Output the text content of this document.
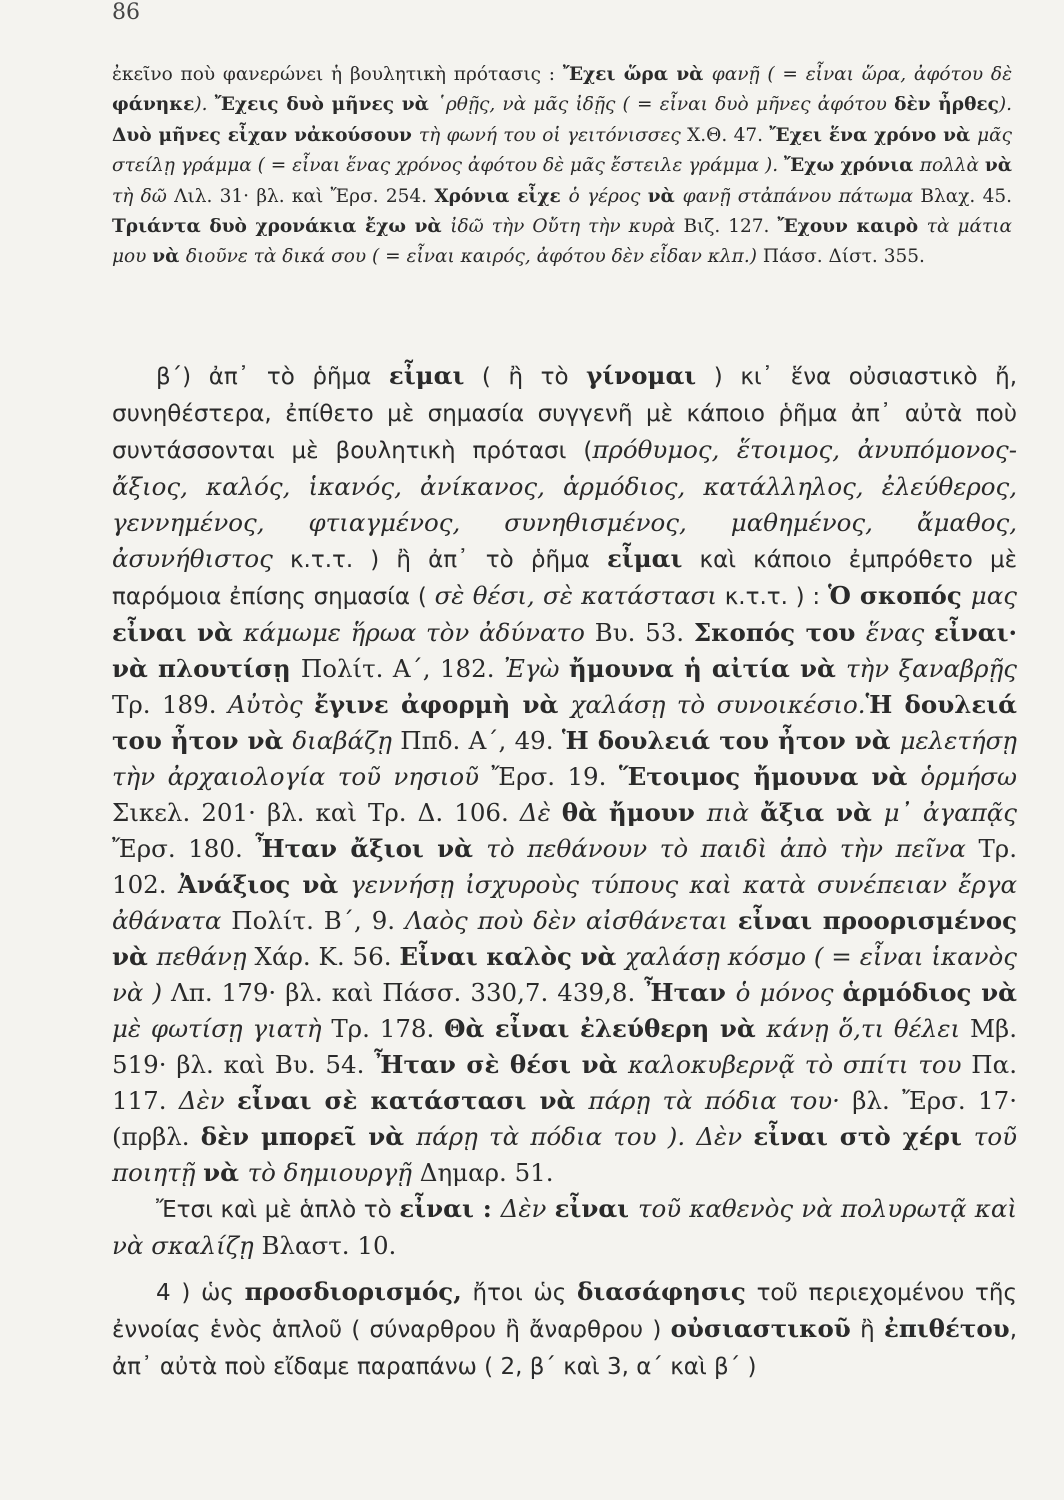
86
ἐκεῖνο ποὺ φανερώνει ἡ βουλητικὴ πρότασις : Ἔχει ὥρα νὰ φανῇ ( = εἶναι ὥρα, ἀφότου δὲ φάνηκε). Ἔχεις δυὸ μῆνες νὰ ῾ρθῇς, νὰ μᾶς ἰδῇς ( = εἶναι δυὸ μῆνες ἀφότου δὲν ἦρθες). Δυὸ μῆνες εἶχαν νἀκούσουν τὴ φωνή του οἱ γειτόνισσες Χ.Θ. 47. Ἔχει ἕνα χρόνο νὰ μᾶς στείλῃ γράμμα ( = εἶναι ἕνας χρόνος ἀφότου δὲ μᾶς ἔστειλε γράμμα ). Ἔχω χρόνια πολλὰ νὰ τὴ δῶ Λιλ. 31· βλ. καὶ Ἔρσ. 254. Χρόνια εἶχε ὁ γέρος νὰ φανῇ στἀπάνου πάτωμα Βλαχ. 45. Τριάντα δυὸ χρονάκια ἔχω νὰ ἰδῶ τὴν Οὔτη τὴν κυρὰ Βιζ. 127. Ἔχουν καιρὸ τὰ μάτια μου νὰ διοῦνε τὰ δικά σου ( = εἶναι καιρός, ἀφότου δὲν εἶδαν κλπ.) Πάσσ. Δίστ. 355.

β΄) ἀπ᾿ τὸ ῥῆμα εἶμαι ( ἢ τὸ γίνομαι ) κι᾿ ἕνα οὐσιαστικὸ ἤ, συνηθέστερα, ἐπίθετο μὲ σημασία συγγενῆ μὲ κάποιο ῥῆμα ἀπ᾿ αὐτὰ ποὺ συντάσσονται μὲ βουλητικὴ πρότασι (πρόθυμος, ἕτοιμος, ἀνυπόμονος-ἄξιος, καλός, ἱκανός, ἀνίκανος, ἁρμόδιος, κατάλληλος, ἐλεύθερος, γεννημένος, φτιαγμένος, συνηθισμένος, μαθημένος, ἄμαθος, ἀσυνήθιστος κ.τ.τ. ) ἢ ἀπ᾿ τὸ ῥῆμα εἶμαι καὶ κάποιο ἐμπρόθετο μὲ παρόμοια ἐπίσης σημασία ( σὲ θέσι, σὲ κατάστασι κ.τ.τ. ) : Ὁ σκοπός μας εἶναι νὰ κάμωμε ἥρωα τὸν ἀδύνατο Βυ. 53. Σκοπός του ἕνας εἶναι· νὰ πλουτίσῃ Πολίτ. Α΄, 182. Ἐγὼ ἤμουνα ἡ αἰτία νὰ τὴν ξαναβρῇς Τρ. 189. Αὐτὸς ἔγινε ἀφορμὴ νὰ χαλάσῃ τὸ συνοικέσιο.Ἡ δουλειά του ἦτον νὰ διαβάζῃ Ππδ. Α΄, 49. Ἡ δουλειά του ἦτον νὰ μελετήσῃ τὴν ἀρχαιολογία τοῦ νησιοῦ Ἔρσ. 19. Ἕτοιμος ἤμουνα νὰ ὁρμήσω Σικελ. 201· βλ. καὶ Τρ. Δ. 106. Δὲ θὰ ἤμουν πιὰ ἄξια νὰ μ᾿ ἀγαπᾷς Ἔρσ. 180. Ἦταν ἄξιοι νὰ τὸ πεθάνουν τὸ παιδὶ ἀπὸ τὴν πεῖνα Τρ. 102. Ἀνάξιος νὰ γεννήσῃ ἰσχυροὺς τύπους καὶ κατὰ συνέπειαν ἔργα ἀθάνατα Πολίτ. Β΄, 9. Λαὸς ποὺ δὲν αἰσθάνεται εἶναι προορισμένος νὰ πεθάνῃ Χάρ. Κ. 56. Εἶναι καλὸς νὰ χαλάσῃ κόσμο ( = εἶναι ἱκανὸς νὰ ) Λπ. 179· βλ. καὶ Πάσσ. 330,7. 439,8. Ἦταν ὁ μόνος ἁρμόδιος νὰ μὲ φωτίσῃ γιατὴ Τρ. 178. Θὰ εἶναι ἐλεύθερη νὰ κάνῃ ὅ,τι θέλει Μβ. 519· βλ. καὶ Βυ. 54. Ἦταν σὲ θέσι νὰ καλοκυβερνᾷ τὸ σπίτι του Πα. 117. Δὲν εἶναι σὲ κατάστασι νὰ πάρῃ τὰ πόδια του· βλ. Ἔρσ. 17· (πρβλ. δὲν μπορεῖ νὰ πάρῃ τὰ πόδια του ). Δὲν εἶναι στὸ χέρι τοῦ ποιητῇ νὰ τὸ δημιουργῇ Δημαρ. 51.

Ἔτσι καὶ μὲ ἁπλὸ τὸ εἶναι : Δὲν εἶναι τοῦ καθενὸς νὰ πολυρωτᾷ καὶ νὰ σκαλίζῃ Βλαστ. 10.

4 ) ὡς προσδιορισμός, ἤτοι ὡς διασάφησις τοῦ περιεχομένου τῆς ἐννοίας ἑνὸς ἁπλοῦ ( σύναρθρου ἢ ἄναρθρου ) οὐσιαστικοῦ ἢ ἐπιθέτου, ἀπ᾿ αὐτὰ ποὺ εἴδαμε παραπάνω ( 2, β΄ καὶ 3, α΄ καὶ β΄ )
